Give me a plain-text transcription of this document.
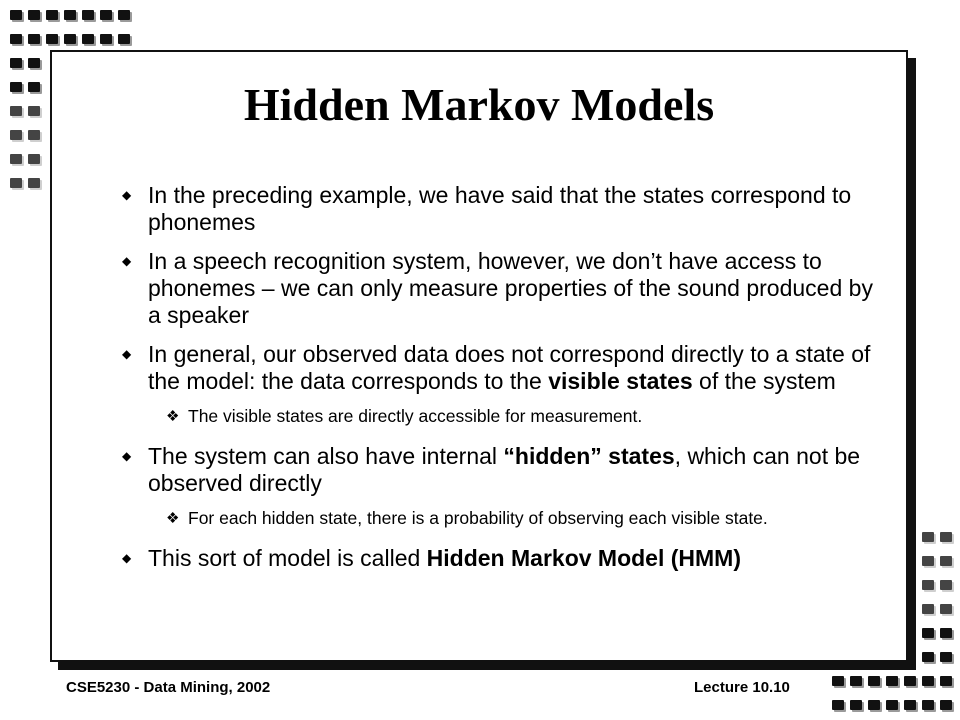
Hidden Markov Models
◆ In the preceding example, we have said that the states correspond to phonemes
◆ In a speech recognition system, however, we don’t have access to phonemes – we can only measure properties of the sound produced by a speaker
◆ In general, our observed data does not correspond directly to a state of the model: the data corresponds to the visible states of the system
❖ The visible states are directly accessible for measurement.
◆ The system can also have internal “hidden” states, which can not be observed directly
❖ For each hidden state, there is a probability of observing each visible state.
◆ This sort of model is called Hidden Markov Model (HMM)
CSE5230 - Data Mining, 2002	Lecture 10.10
